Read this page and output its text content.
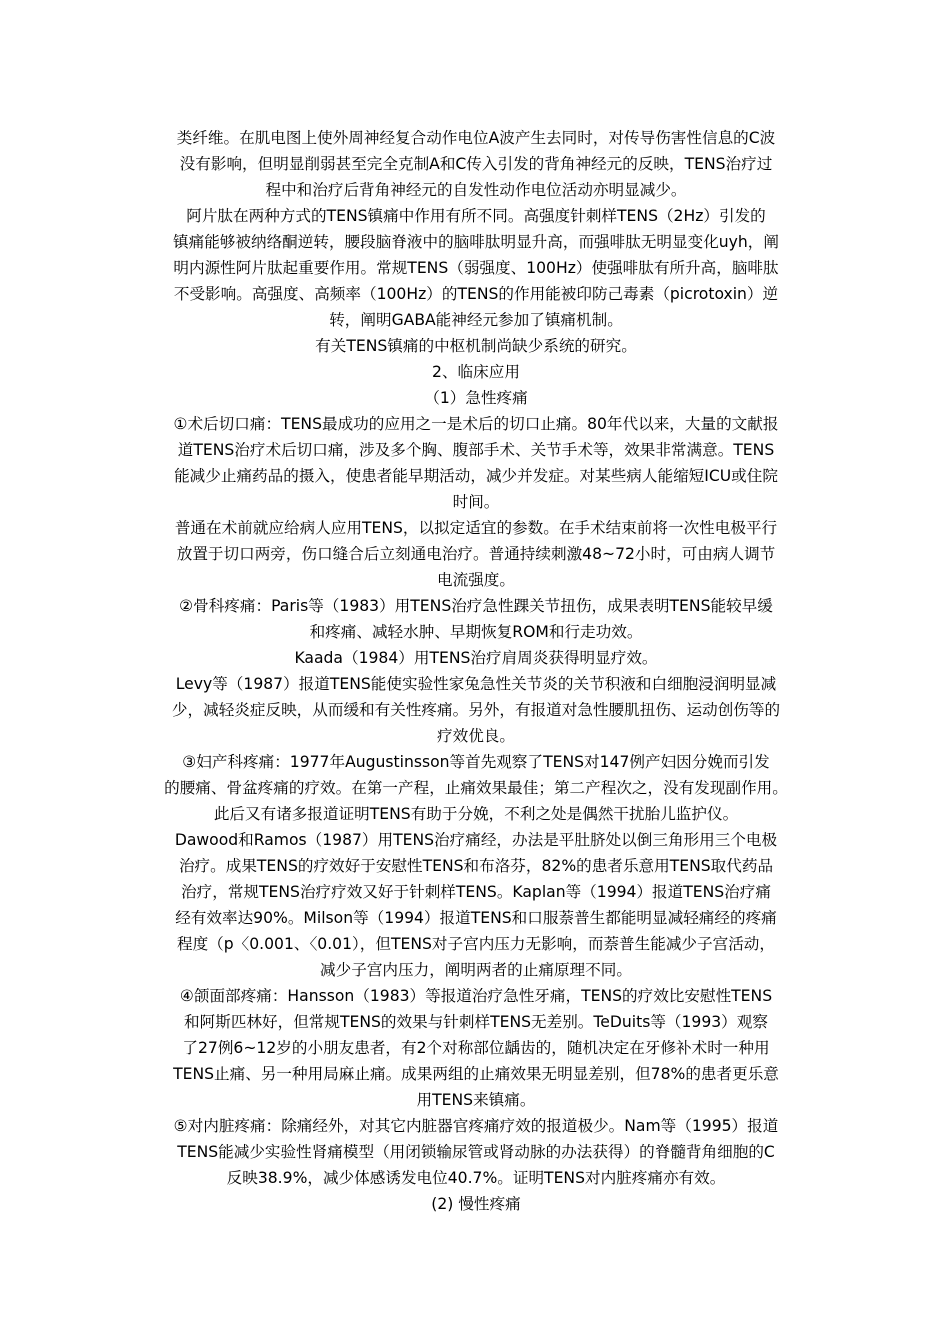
类纤维。在肌电图上使外周神经复合动作电位A波产生去同时，对传导伤害性信息的C波
没有影响，但明显削弱甚至完全克制A和C传入引发的背角神经元的反映，TENS治疗过
程中和治疗后背角神经元的自发性动作电位活动亦明显减少。

阿片肽在两种方式的TENS镇痛中作用有所不同。高强度针刺样TENS（2Hz）引发的
镇痛能够被纳络酮逆转，腰段脑脊液中的脑啡肽明显升高，而强啡肽无明显变化uyh，阐
明内源性阿片肽起重要作用。常规TENS（弱强度、100Hz）使强啡肽有所升高，脑啡肽
不受影响。高强度、高频率（100Hz）的TENS的作用能被印防己毒素（picrotoxin）逆
转，阐明GABA能神经元参加了镇痛机制。

有关TENS镇痛的中枢机制尚缺少系统的研究。

2、临床应用

（1）急性疼痛

①术后切口痛：TENS最成功的应用之一是术后的切口止痛。80年代以来，大量的文献报
道TENS治疗术后切口痛，涉及多个胸、腹部手术、关节手术等，效果非常满意。TENS
能减少止痛药品的摄入，使患者能早期活动，减少并发症。对某些病人能缩短ICU或住院
时间。

普通在术前就应给病人应用TENS，以拟定适宜的参数。在手术结束前将一次性电极平行
放置于切口两旁，伤口缝合后立刻通电治疗。普通持续刺激48~72小时，可由病人调节
电流强度。

②骨科疼痛：Paris等（1983）用TENS治疗急性踝关节扭伤，成果表明TENS能较早缓
和疼痛、减轻水肿、早期恢复ROM和行走功效。

Kaada（1984）用TENS治疗肩周炎获得明显疗效。

Levy等（1987）报道TENS能使实验性家兔急性关节炎的关节积液和白细胞浸润明显减
少，减轻炎症反映，从而缓和有关性疼痛。另外，有报道对急性腰肌扭伤、运动创伤等的
疗效优良。

③妇产科疼痛：1977年Augustinsson等首先观察了TENS对147例产妇因分娩而引发
的腰痛、骨盆疼痛的疗效。在第一产程，止痛效果最佳；第二产程次之，没有发现副作用。
此后又有诸多报道证明TENS有助于分娩，不利之处是偶然干扰胎儿监护仪。

Dawood和Ramos（1987）用TENS治疗痛经，办法是平肚脐处以倒三角形用三个电极
治疗。成果TENS的疗效好于安慰性TENS和布洛芬，82%的患者乐意用TENS取代药品
治疗，常规TENS治疗疗效又好于针刺样TENS。Kaplan等（1994）报道TENS治疗痛
经有效率达90%。Milson等（1994）报道TENS和口服萘普生都能明显减轻痛经的疼痛
程度（p〈0.001、〈0.01），但TENS对子宫内压力无影响，而萘普生能减少子宫活动，
减少子宫内压力，阐明两者的止痛原理不同。

④颌面部疼痛：Hansson（1983）等报道治疗急性牙痛，TENS的疗效比安慰性TENS
和阿斯匹林好，但常规TENS的效果与针刺样TENS无差别。TeDuits等（1993）观察
了27例6~12岁的小朋友患者，有2个对称部位龋齿的，随机决定在牙修补术时一种用
TENS止痛、另一种用局麻止痛。成果两组的止痛效果无明显差别，但78%的患者更乐意
用TENS来镇痛。

⑤对内脏疼痛：除痛经外，对其它内脏器官疼痛疗效的报道极少。Nam等（1995）报道
TENS能减少实验性肾痛模型（用闭锁输尿管或肾动脉的办法获得）的脊髓背角细胞的C
反映38.9%，减少体感诱发电位40.7%。证明TENS对内脏疼痛亦有效。

(2) 慢性疼痛
